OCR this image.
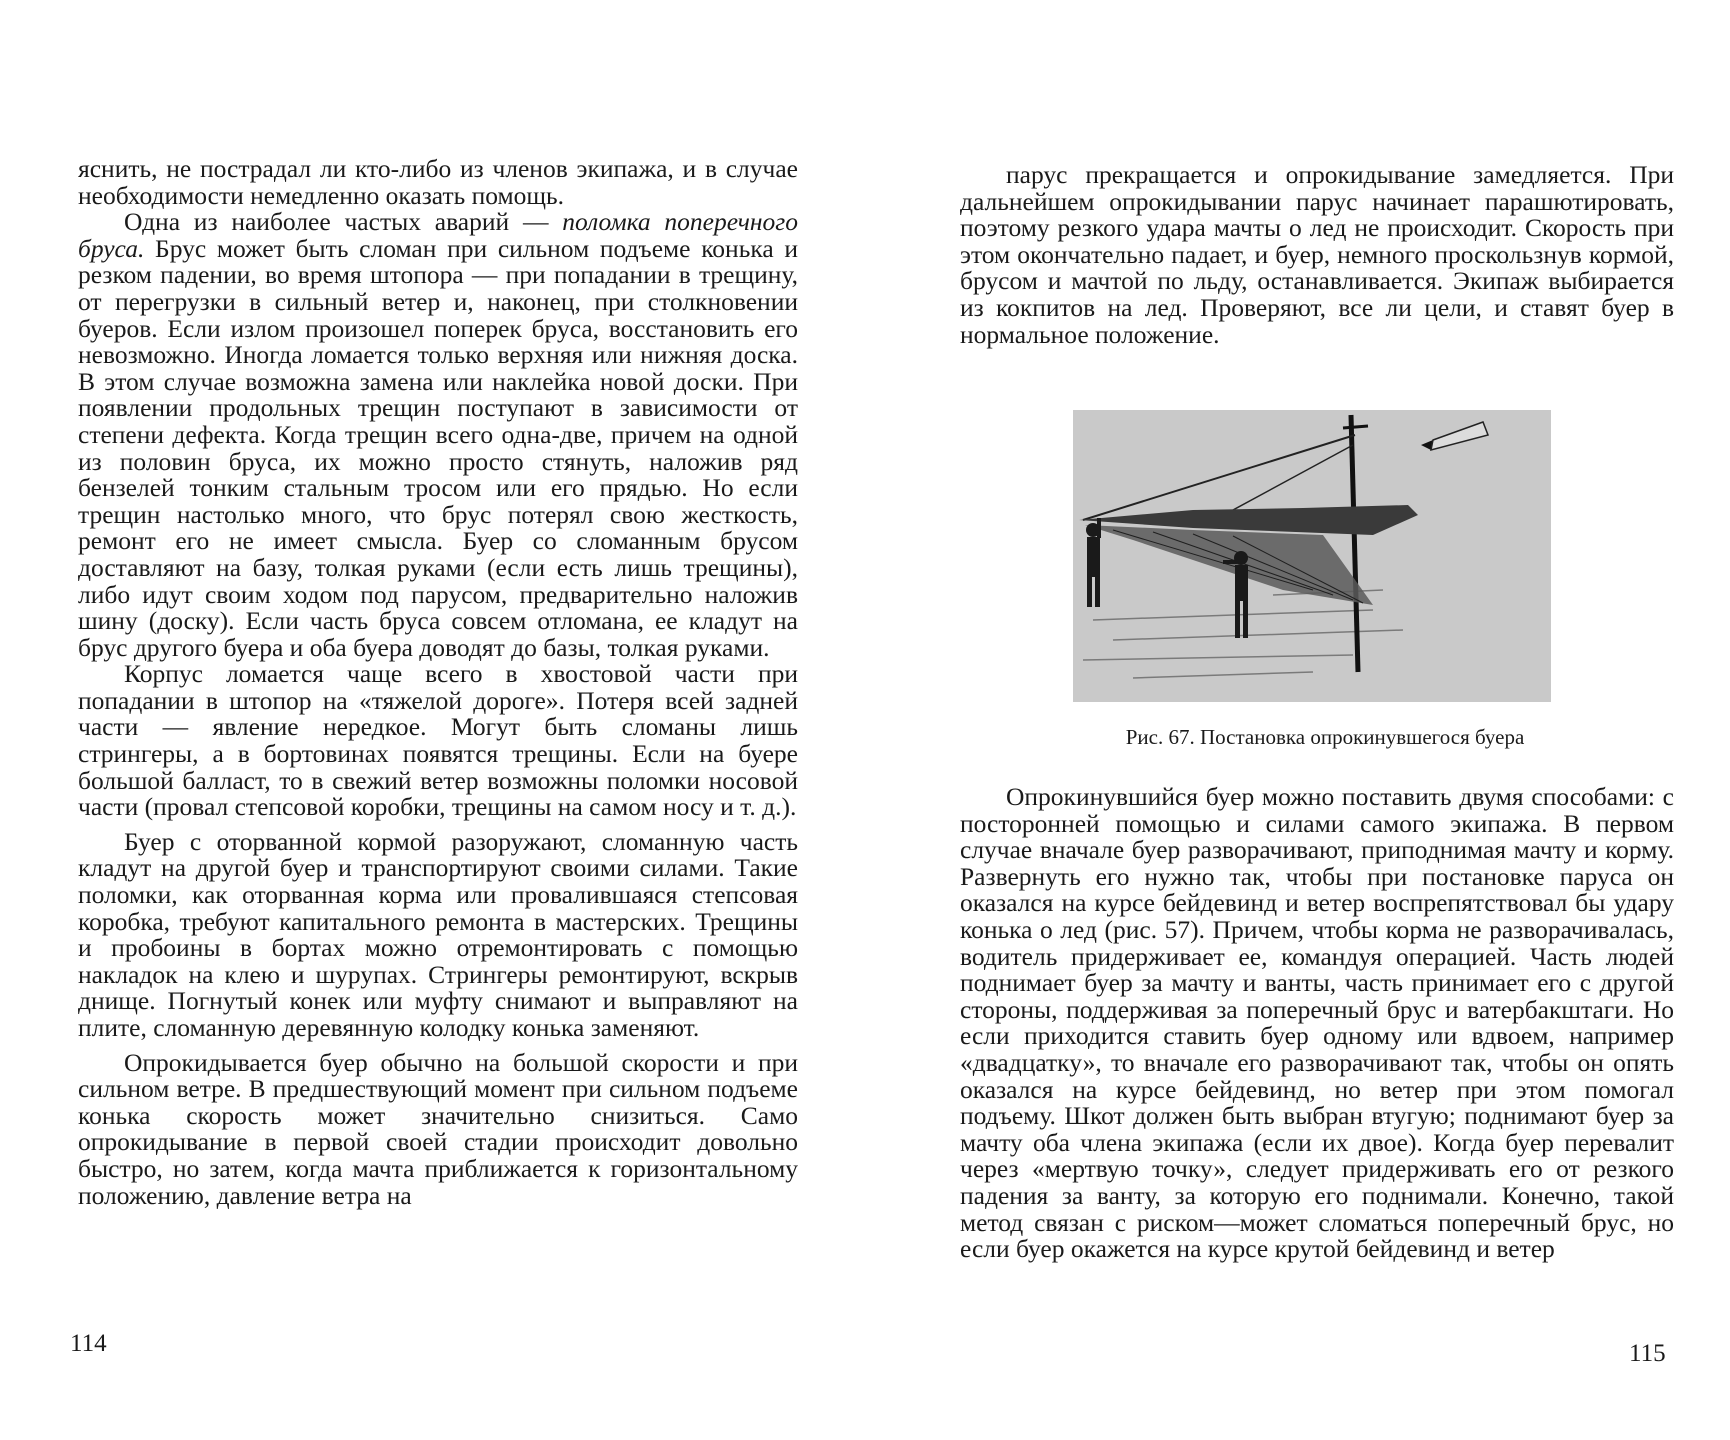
яснить, не пострадал ли кто-либо из членов экипажа, и в случае необходимости немедленно оказать помощь.

Одна из наиболее частых аварий — поломка поперечного бруса. Брус может быть сломан при сильном подъеме конька и резком падении, во время штопора — при попадании в трещину, от перегрузки в сильный ветер и, наконец, при столкновении буеров. Если излом произошел поперек бруса, восстановить его невозможно. Иногда ломается только верхняя или нижняя доска. В этом случае возможна замена или наклейка новой доски. При появлении продольных трещин поступают в зависимости от степени дефекта. Когда трещин всего одна-две, причем на одной из половин бруса, их можно просто стянуть, наложив ряд бензелей тонким стальным тросом или его прядью. Но если трещин настолько много, что брус потерял свою жесткость, ремонт его не имеет смысла. Буер со сломанным брусом доставляют на базу, толкая руками (если есть лишь трещины), либо идут своим ходом под парусом, предварительно наложив шину (доску). Если часть бруса совсем отломана, ее кладут на брус другого буера и оба буера доводят до базы, толкая руками.

Корпус ломается чаще всего в хвостовой части при попадании в штопор на «тяжелой дороге». Потеря всей задней части — явление нередкое. Могут быть сломаны лишь стрингеры, а в бортовинах появятся трещины. Если на буере большой балласт, то в свежий ветер возможны поломки носовой части (провал степсовой коробки, трещины на самом носу и т. д.).

Буер с оторванной кормой разоружают, сломанную часть кладут на другой буер и транспортируют своими силами. Такие поломки, как оторванная корма или провалившаяся степсовая коробка, требуют капитального ремонта в мастерских. Трещины и пробоины в бортах можно отремонтировать с помощью накладок на клею и шурупах. Стрингеры ремонтируют, вскрыв днище. Погнутый конек или муфту снимают и выправляют на плите, сломанную деревянную колодку конька заменяют.

Опрокидывается буер обычно на большой скорости и при сильном ветре. В предшествующий момент при сильном подъеме конька скорость может значительно снизиться. Само опрокидывание в первой своей стадии происходит довольно быстро, но затем, когда мачта приближается к горизонтальному положению, давление ветра на

114

парус прекращается и опрокидывание замедляется. При дальнейшем опрокидывании парус начинает парашютировать, поэтому резкого удара мачты о лед не происходит. Скорость при этом окончательно падает, и буер, немного проскользнув кормой, брусом и мачтой по льду, останавливается. Экипаж выбирается из кокпитов на лед. Проверяют, все ли цели, и ставят буер в нормальное положение.

Рис. 67. Постановка опрокинувшегося буера

Опрокинувшийся буер можно поставить двумя способами: с посторонней помощью и силами самого экипажа. В первом случае вначале буер разворачивают, приподнимая мачту и корму. Развернуть его нужно так, чтобы при постановке паруса он оказался на курсе бейдевинд и ветер воспрепятствовал бы удару конька о лед (рис. 57). Причем, чтобы корма не разворачивалась, водитель придерживает ее, командуя операцией. Часть людей поднимает буер за мачту и ванты, часть принимает его с другой стороны, поддерживая за поперечный брус и ватербакштаги. Но если приходится ставить буер одному или вдвоем, например «двадцатку», то вначале его разворачивают так, чтобы он опять оказался на курсе бейдевинд, но ветер при этом помогал подъему. Шкот должен быть выбран втугую; поднимают буер за мачту оба члена экипажа (если их двое). Когда буер перевалит через «мертвую точку», следует придерживать его от резкого падения за ванту, за которую его поднимали. Конечно, такой метод связан с риском—может сломаться поперечный брус, но если буер окажется на курсе крутой бейдевинд и ветер

115
